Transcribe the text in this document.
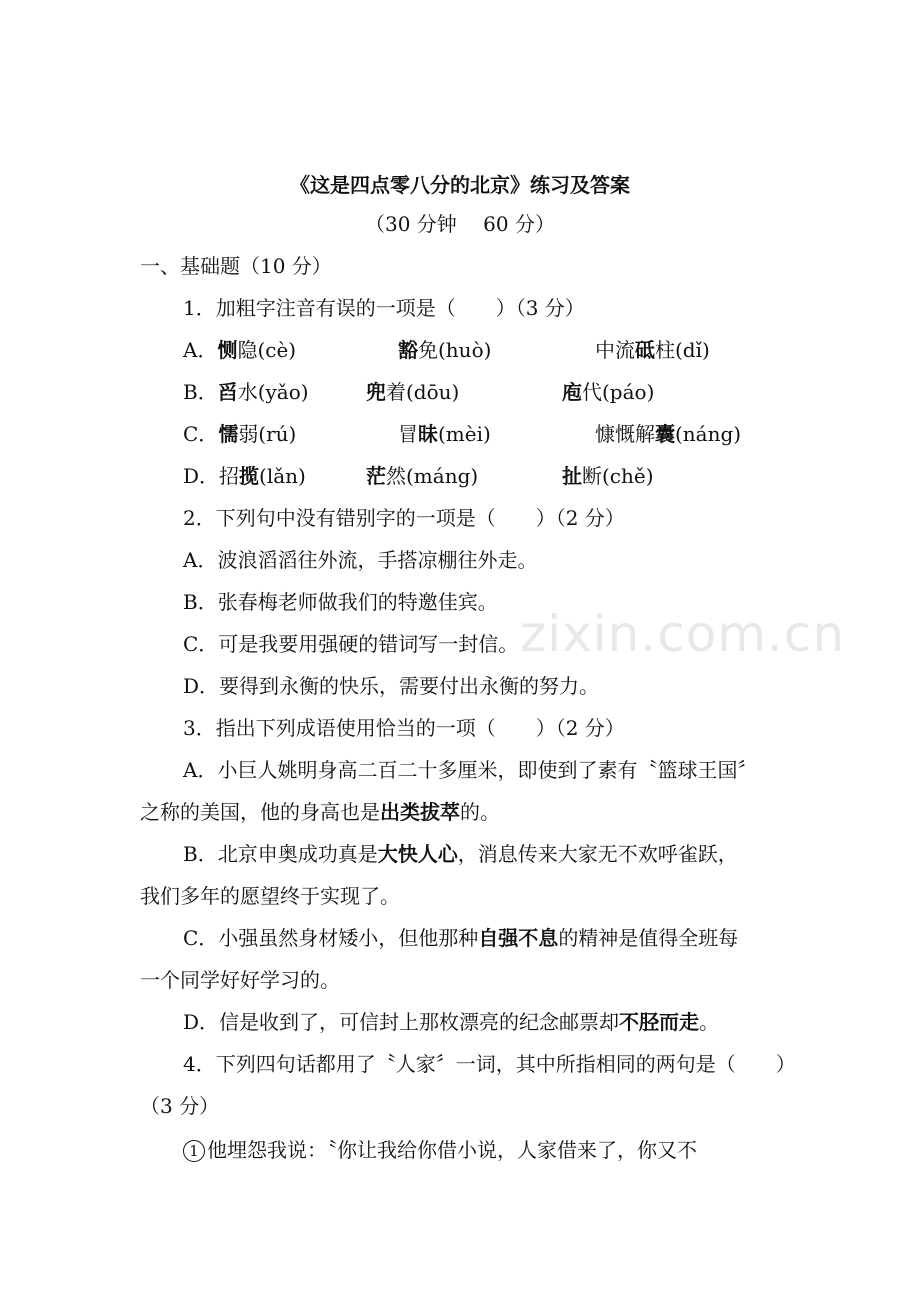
zixin.com.cn
《这是四点零八分的北京》练习及答案
（30 分钟　 60 分）
一、基础题（10 分）
1．加粗字注音有误的一项是（　　）（3 分）
A．恻隐(cè)	豁免(huò)	中流砥柱(dǐ)
B．舀水(yǎo)	兜着(dōu)	庖代(páo)
C．懦弱(rú)	冒昧(mèi)	慷慨解囊(náng)
D．招揽(lǎn)	茫然(máng)	扯断(chě)
2．下列句中没有错别字的一项是（　　）（2 分）
A．波浪滔滔往外流，手搭凉棚往外走。
B．张春梅老师做我们的特邀佳宾。
C．可是我要用强硬的错词写一封信。
D．要得到永衡的快乐，需要付出永衡的努力。
3．指出下列成语使用恰当的一项（　　）（2 分）
A．小巨人姚明身高二百二十多厘米，即使到了素有〝篮球王国〞
之称的美国，他的身高也是出类拔萃的。
B．北京申奥成功真是大快人心，消息传来大家无不欢呼雀跃，
我们多年的愿望终于实现了。
C．小强虽然身材矮小，但他那种自强不息的精神是值得全班每
一个同学好好学习的。
D．信是收到了，可信封上那枚漂亮的纪念邮票却不胫而走。
4．下列四句话都用了〝人家〞一词，其中所指相同的两句是（　　）
（3 分）
1 他埋怨我说：〝你让我给你借小说，人家借来了，你又不
